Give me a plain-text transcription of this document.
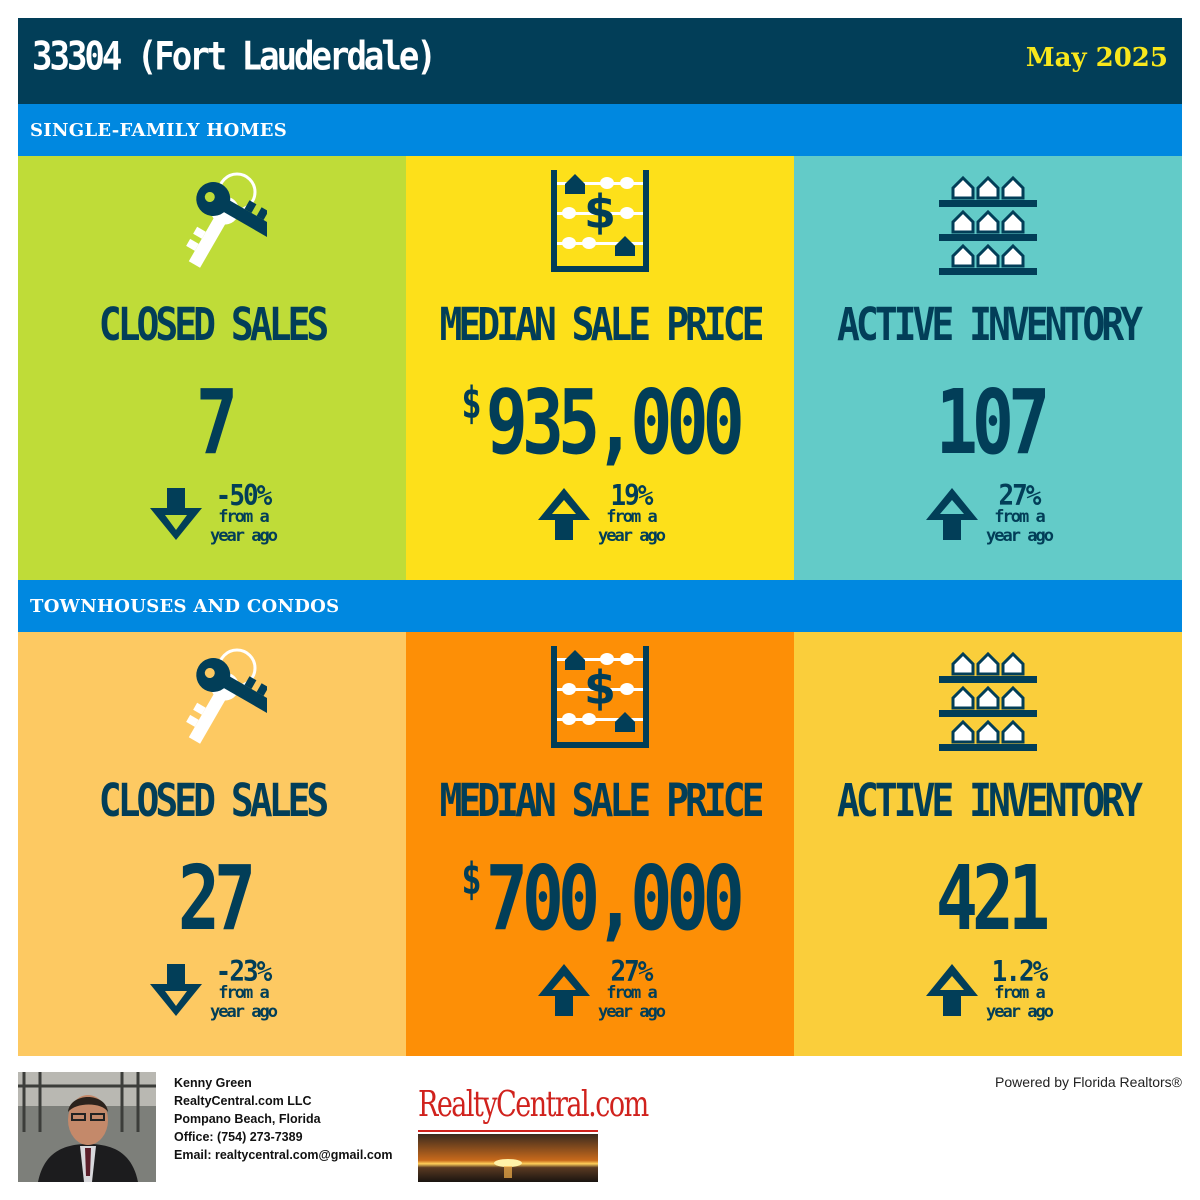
33304 (Fort Lauderdale)	May 2025
SINGLE-FAMILY HOMES
CLOSED SALES
7
-50%
from a
year ago
$
MEDIAN SALE PRICE
$935,000
19%
from a
year ago
ACTIVE INVENTORY
107
27%
from a
year ago
TOWNHOUSES AND CONDOS
CLOSED SALES
27
-23%
from a
year ago
$
MEDIAN SALE PRICE
$700,000
27%
from a
year ago
ACTIVE INVENTORY
421
1.2%
from a
year ago
Kenny Green
RealtyCentral.com LLC
Pompano Beach, Florida
Office: (754) 273-7389
Email: realtycentral.com@gmail.com
RealtyCentral.com
Powered by Florida Realtors®
